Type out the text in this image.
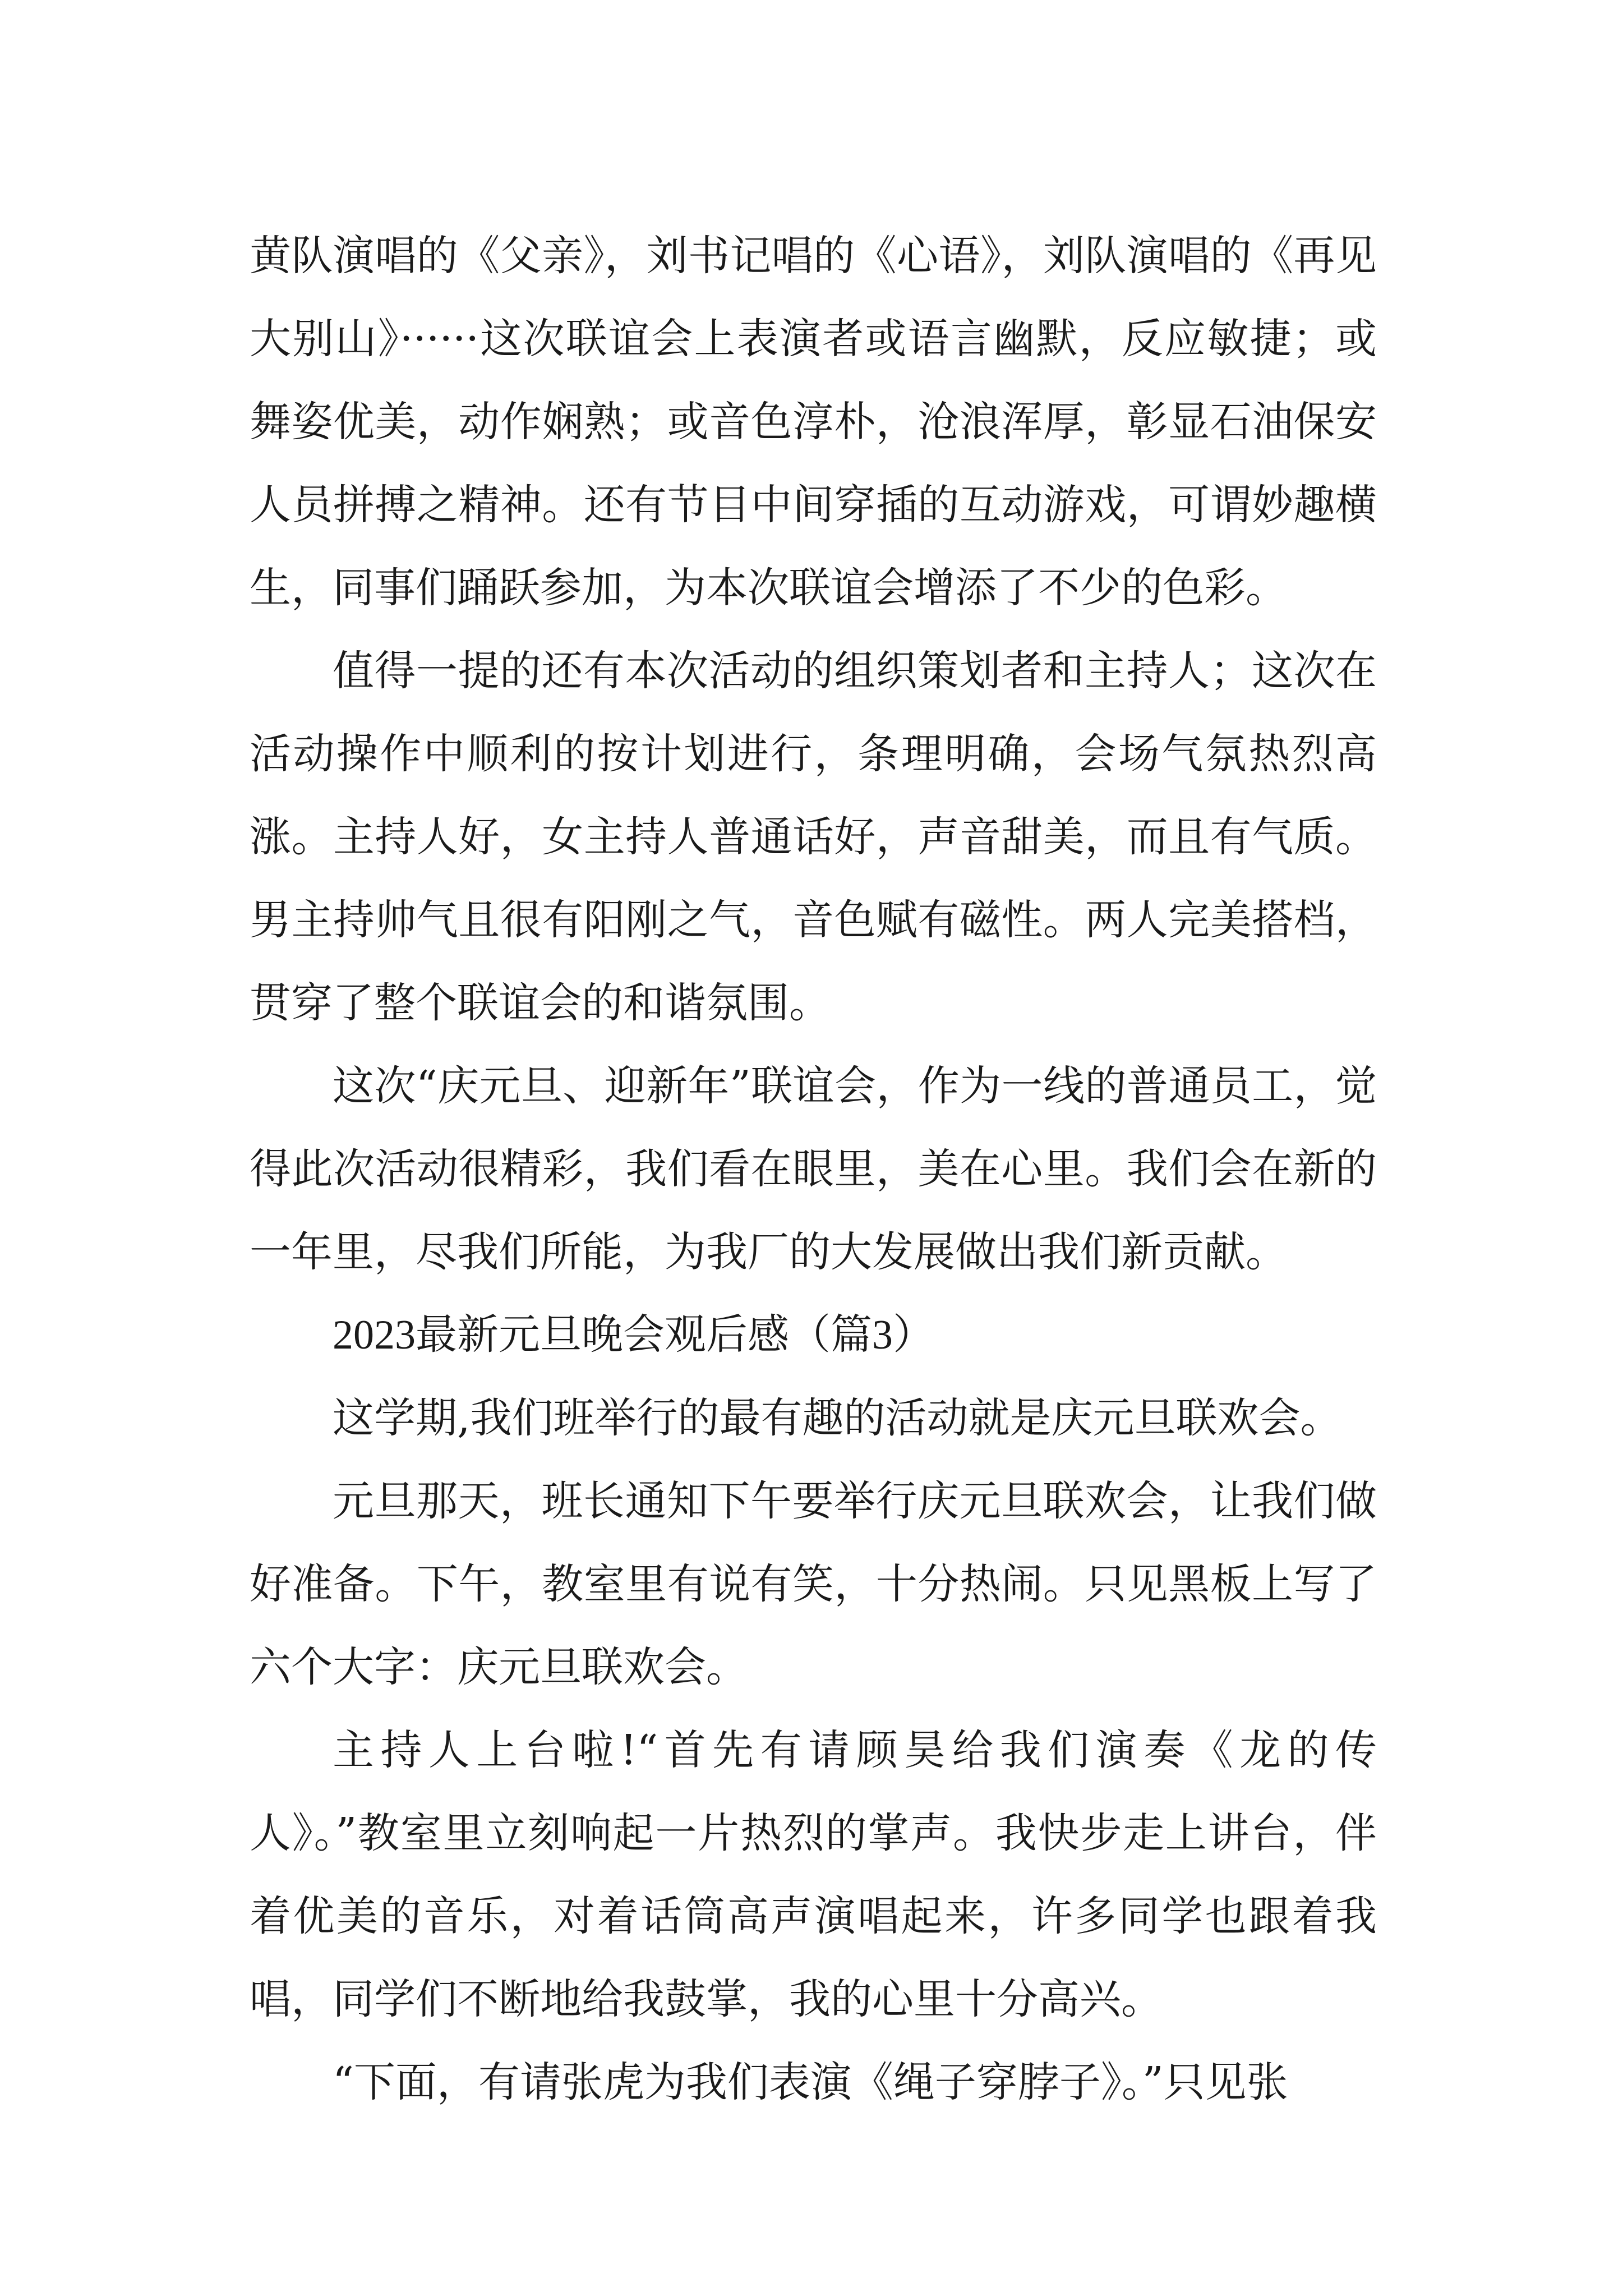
黄队演唱的《父亲》，刘书记唱的《心语》，刘队演唱的《再见大别山》······这次联谊会上表演者或语言幽默，反应敏捷；或舞姿优美，动作娴熟；或音色淳朴，沧浪浑厚，彰显石油保安人员拼搏之精神。还有节目中间穿插的互动游戏，可谓妙趣横生，同事们踊跃参加，为本次联谊会增添了不少的色彩。

值得一提的还有本次活动的组织策划者和主持人；这次在活动操作中顺利的按计划进行，条理明确，会场气氛热烈高涨。主持人好，女主持人普通话好，声音甜美，而且有气质。男主持帅气且很有阳刚之气，音色赋有磁性。两人完美搭档，贯穿了整个联谊会的和谐氛围。

这次“庆元旦、迎新年”联谊会，作为一线的普通员工，觉得此次活动很精彩，我们看在眼里，美在心里。我们会在新的一年里，尽我们所能，为我厂的大发展做出我们新贡献。

2023最新元旦晚会观后感（篇3）

这学期,我们班举行的最有趣的活动就是庆元旦联欢会。

元旦那天，班长通知下午要举行庆元旦联欢会，让我们做好准备。下午，教室里有说有笑，十分热闹。只见黑板上写了六个大字：庆元旦联欢会。

主持人上台啦!“首先有请顾昊给我们演奏《龙的传人》。”教室里立刻响起一片热烈的掌声。我快步走上讲台，伴着优美的音乐，对着话筒高声演唱起来，许多同学也跟着我唱，同学们不断地给我鼓掌，我的心里十分高兴。

“下面，有请张虎为我们表演《绳子穿脖子》。”只见张
